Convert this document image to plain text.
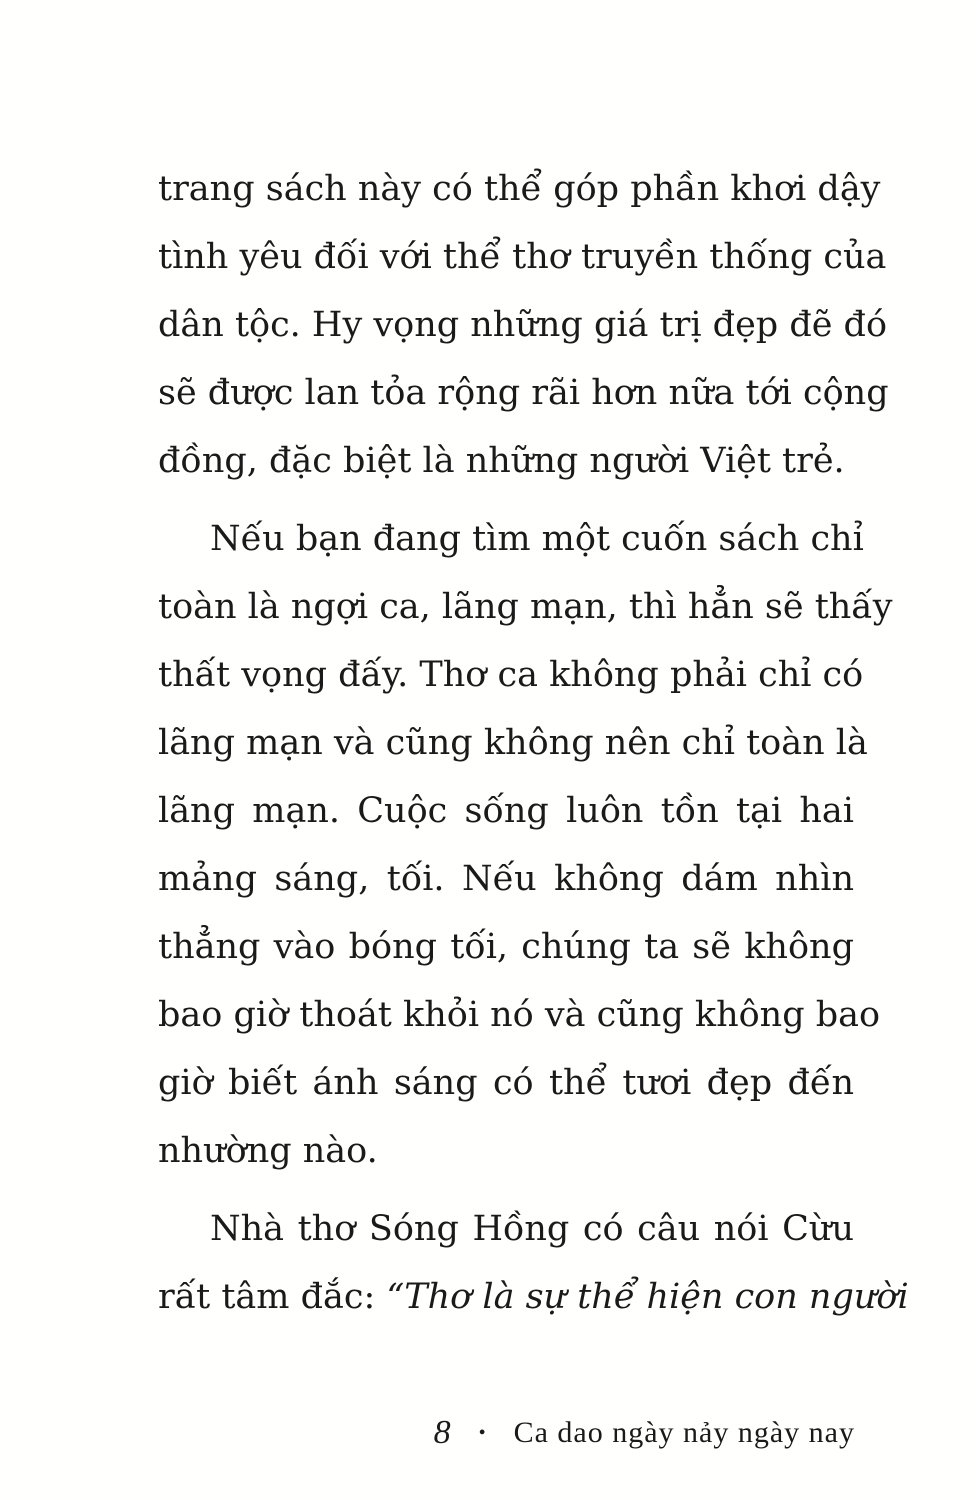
trang sách này có thể góp phần khơi dậy
tình yêu đối với thể thơ truyền thống của
dân tộc. Hy vọng những giá trị đẹp đẽ đó
sẽ được lan tỏa rộng rãi hơn nữa tới cộng
đồng, đặc biệt là những người Việt trẻ.
Nếu bạn đang tìm một cuốn sách chỉ
toàn là ngợi ca, lãng mạn, thì hẳn sẽ thấy
thất vọng đấy. Thơ ca không phải chỉ có
lãng mạn và cũng không nên chỉ toàn là
lãng mạn. Cuộc sống luôn tồn tại hai
mảng sáng, tối. Nếu không dám nhìn
thẳng vào bóng tối, chúng ta sẽ không
bao giờ thoát khỏi nó và cũng không bao
giờ biết ánh sáng có thể tươi đẹp đến
nhường nào.
Nhà thơ Sóng Hồng có câu nói Cừu
rất tâm đắc: “Thơ là sự thể hiện con người
8 • Ca dao ngày nảy ngày nay
